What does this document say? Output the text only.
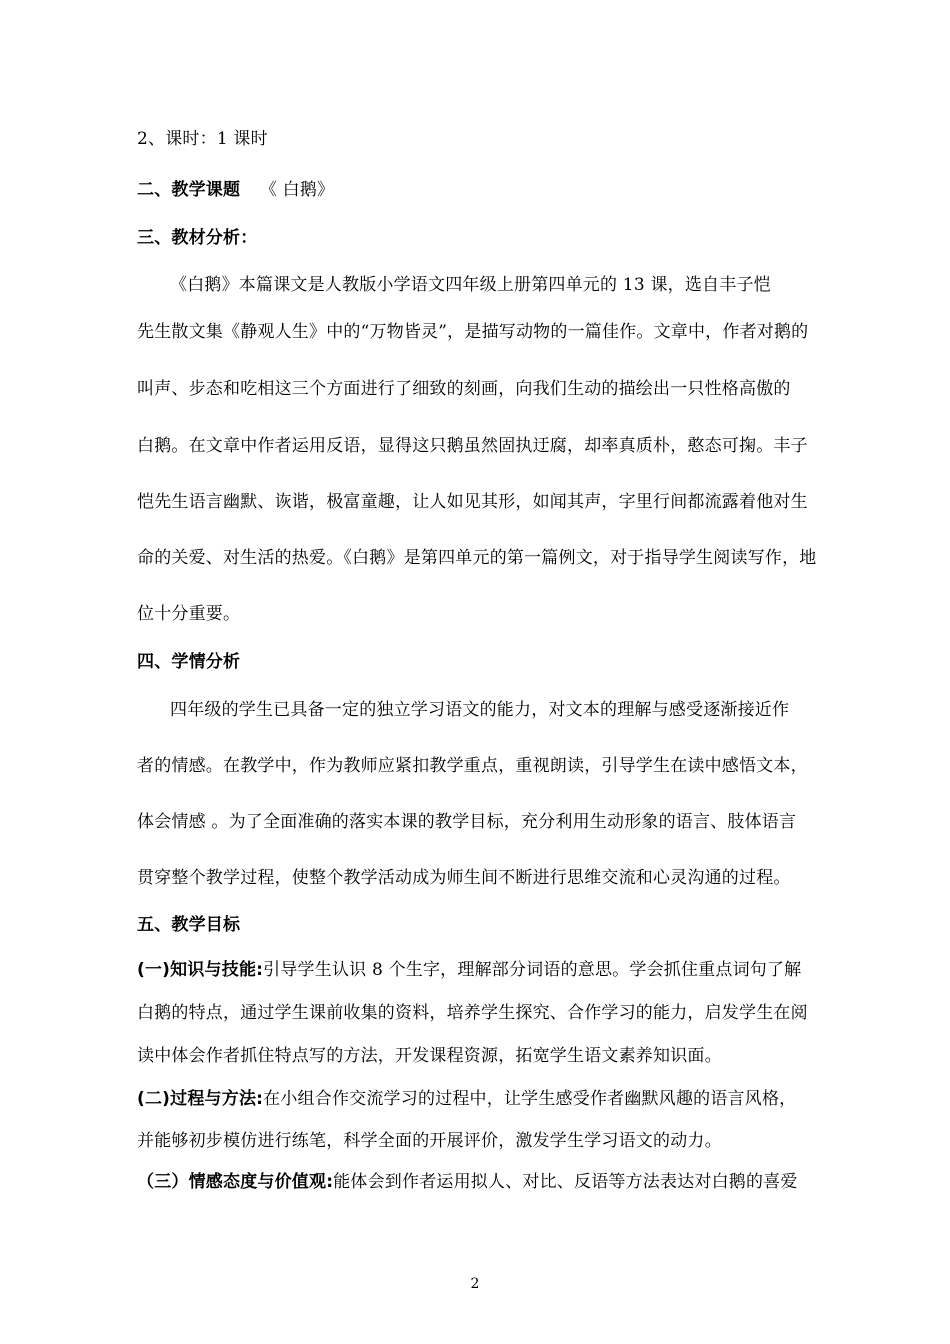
2、课时：1 课时
二、教学课题 《 白鹅》
三、教材分析：
《白鹅》本篇课文是人教版小学语文四年级上册第四单元的 13 课，选自丰子恺
先生散文集《静观人生》中的“万物皆灵”，是描写动物的一篇佳作。文章中，作者对鹅的
叫声、步态和吃相这三个方面进行了细致的刻画，向我们生动的描绘出一只性格高傲的
白鹅。在文章中作者运用反语，显得这只鹅虽然固执迂腐，却率真质朴，憨态可掬。丰子
恺先生语言幽默、诙谐，极富童趣，让人如见其形，如闻其声，字里行间都流露着他对生
命的关爱、对生活的热爱。《白鹅》是第四单元的第一篇例文，对于指导学生阅读写作，地
位十分重要。
四、学情分析
四年级的学生已具备一定的独立学习语文的能力，对文本的理解与感受逐渐接近作
者的情感。在教学中，作为教师应紧扣教学重点，重视朗读，引导学生在读中感悟文本，
体会情感 。为了全面准确的落实本课的教学目标，充分利用生动形象的语言、肢体语言
贯穿整个教学过程，使整个教学活动成为师生间不断进行思维交流和心灵沟通的过程。
五、教学目标
(一)知识与技能:引导学生认识 8 个生字，理解部分词语的意思。学会抓住重点词句了解
白鹅的特点，通过学生课前收集的资料，培养学生探究、合作学习的能力，启发学生在阅
读中体会作者抓住特点写的方法，开发课程资源，拓宽学生语文素养知识面。
(二)过程与方法:在小组合作交流学习的过程中，让学生感受作者幽默风趣的语言风格，
并能够初步模仿进行练笔，科学全面的开展评价，激发学生学习语文的动力。
（三）情感态度与价值观:能体会到作者运用拟人、对比、反语等方法表达对白鹅的喜爱
2
